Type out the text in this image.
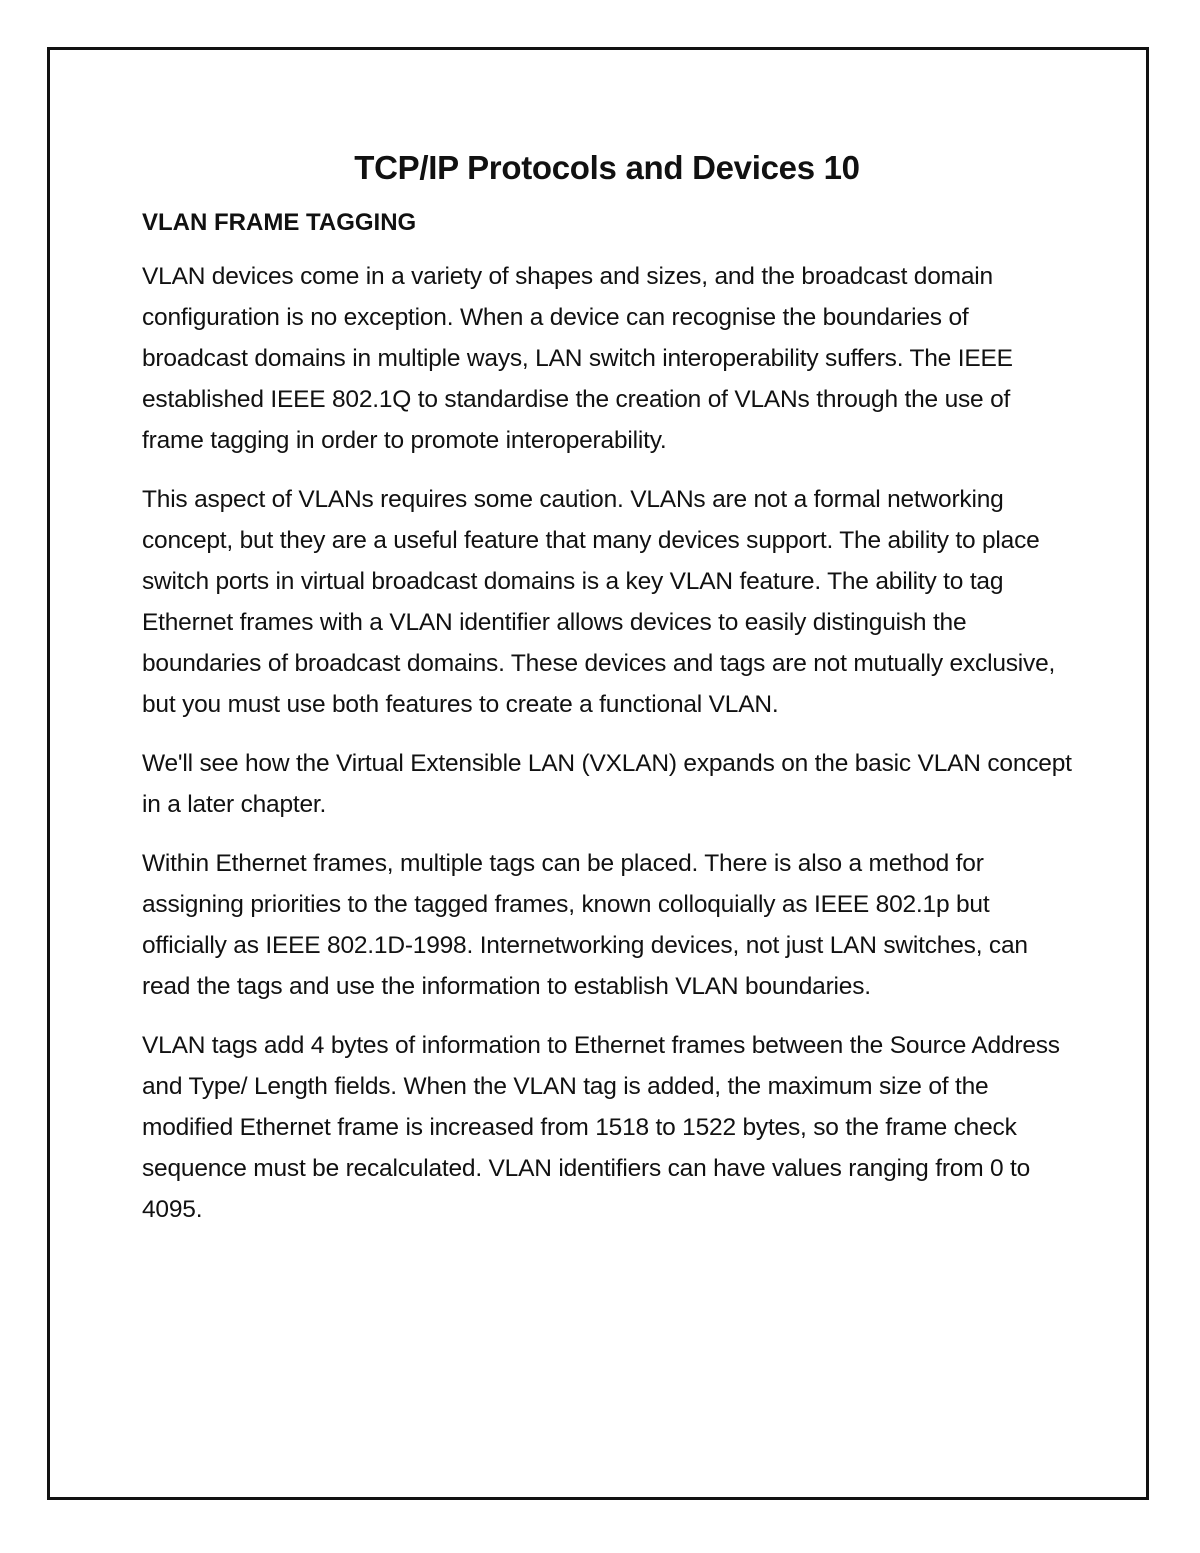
TCP/IP Protocols and Devices 10
VLAN FRAME TAGGING

VLAN devices come in a variety of shapes and sizes, and the broadcast domain configuration is no exception. When a device can recognise the boundaries of broadcast domains in multiple ways, LAN switch interoperability suffers. The IEEE established IEEE 802.1Q to standardise the creation of VLANs through the use of frame tagging in order to promote interoperability.

This aspect of VLANs requires some caution. VLANs are not a formal networking concept, but they are a useful feature that many devices support. The ability to place switch ports in virtual broadcast domains is a key VLAN feature. The ability to tag Ethernet frames with a VLAN identifier allows devices to easily distinguish the boundaries of broadcast domains. These devices and tags are not mutually exclusive, but you must use both features to create a functional VLAN.

We'll see how the Virtual Extensible LAN (VXLAN) expands on the basic VLAN concept in a later chapter.

Within Ethernet frames, multiple tags can be placed. There is also a method for assigning priorities to the tagged frames, known colloquially as IEEE 802.1p but officially as IEEE 802.1D-1998. Internetworking devices, not just LAN switches, can read the tags and use the information to establish VLAN boundaries.

VLAN tags add 4 bytes of information to Ethernet frames between the Source Address and Type/ Length fields. When the VLAN tag is added, the maximum size of the modified Ethernet frame is increased from 1518 to 1522 bytes, so the frame check sequence must be recalculated. VLAN identifiers can have values ranging from 0 to 4095.
